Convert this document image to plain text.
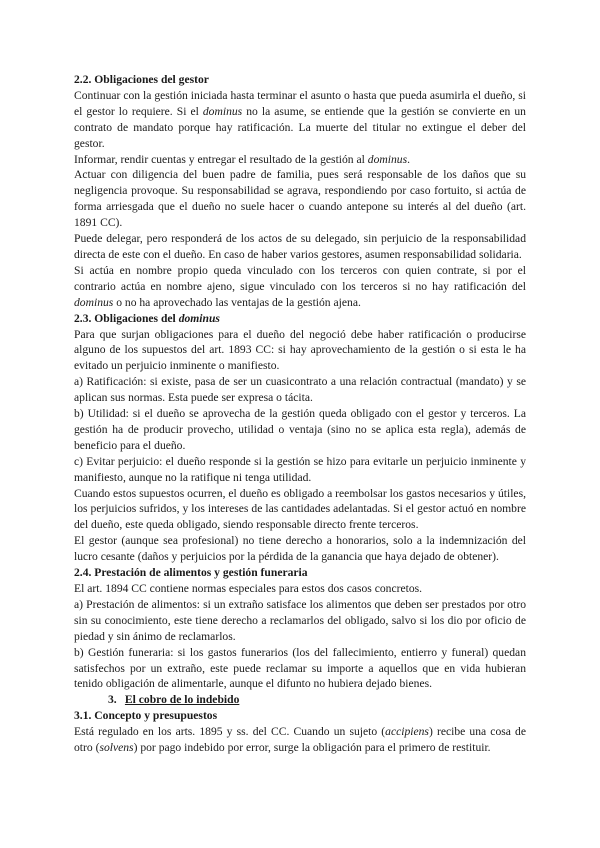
2.2. Obligaciones del gestor

Continuar con la gestión iniciada hasta terminar el asunto o hasta que pueda asumirla el dueño, si el gestor lo requiere. Si el dominus no la asume, se entiende que la gestión se convierte en un contrato de mandato porque hay ratificación. La muerte del titular no extingue el deber del gestor.

Informar, rendir cuentas y entregar el resultado de la gestión al dominus.

Actuar con diligencia del buen padre de familia, pues será responsable de los daños que su negligencia provoque. Su responsabilidad se agrava, respondiendo por caso fortuito, si actúa de forma arriesgada que el dueño no suele hacer o cuando antepone su interés al del dueño (art. 1891 CC).

Puede delegar, pero responderá de los actos de su delegado, sin perjuicio de la responsabilidad directa de este con el dueño. En caso de haber varios gestores, asumen responsabilidad solidaria.

Si actúa en nombre propio queda vinculado con los terceros con quien contrate, si por el contrario actúa en nombre ajeno, sigue vinculado con los terceros si no hay ratificación del dominus o no ha aprovechado las ventajas de la gestión ajena.

2.3. Obligaciones del dominus

Para que surjan obligaciones para el dueño del negoció debe haber ratificación o producirse alguno de los supuestos del art. 1893 CC: si hay aprovechamiento de la gestión o si esta le ha evitado un perjuicio inminente o manifiesto.

a) Ratificación: si existe, pasa de ser un cuasicontrato a una relación contractual (mandato) y se aplican sus normas. Esta puede ser expresa o tácita.

b) Utilidad: si el dueño se aprovecha de la gestión queda obligado con el gestor y terceros. La gestión ha de producir provecho, utilidad o ventaja (sino no se aplica esta regla), además de beneficio para el dueño.

c) Evitar perjuicio: el dueño responde si la gestión se hizo para evitarle un perjuicio inminente y manifiesto, aunque no la ratifique ni tenga utilidad.

Cuando estos supuestos ocurren, el dueño es obligado a reembolsar los gastos necesarios y útiles, los perjuicios sufridos, y los intereses de las cantidades adelantadas. Si el gestor actuó en nombre del dueño, este queda obligado, siendo responsable directo frente terceros.

El gestor (aunque sea profesional) no tiene derecho a honorarios, solo a la indemnización del lucro cesante (daños y perjuicios por la pérdida de la ganancia que haya dejado de obtener).

2.4. Prestación de alimentos y gestión funeraria

El art. 1894 CC contiene normas especiales para estos dos casos concretos.

a) Prestación de alimentos: si un extraño satisface los alimentos que deben ser prestados por otro sin su conocimiento, este tiene derecho a reclamarlos del obligado, salvo si los dio por oficio de piedad y sin ánimo de reclamarlos.

b) Gestión funeraria: si los gastos funerarios (los del fallecimiento, entierro y funeral) quedan satisfechos por un extraño, este puede reclamar su importe a aquellos que en vida hubieran tenido obligación de alimentarle, aunque el difunto no hubiera dejado bienes.

3. El cobro de lo indebido
3.1. Concepto y presupuestos

Está regulado en los arts. 1895 y ss. del CC. Cuando un sujeto (accipiens) recibe una cosa de otro (solvens) por pago indebido por error, surge la obligación para el primero de restituir.
